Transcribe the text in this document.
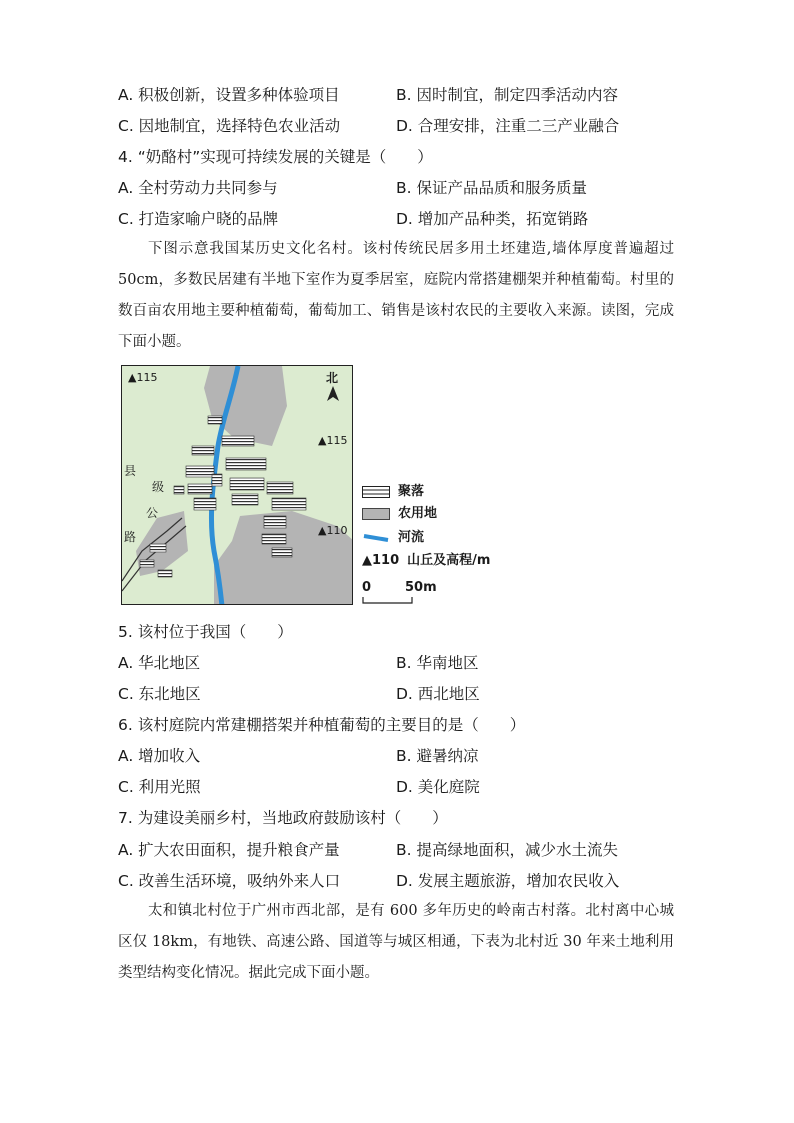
A. 积极创新，设置多种体验项目	B. 因时制宜，制定四季活动内容
C. 因地制宜，选择特色农业活动	D. 合理安排，注重二三产业融合
4. “奶酪村”实现可持续发展的关键是（　　）
A. 全村劳动力共同参与	B. 保证产品品质和服务质量
C. 打造家喻户晓的品牌	D. 增加产品种类，拓宽销路

下图示意我国某历史文化名村。该村传统民居多用土坯建造,墙体厚度普遍超过50cm，多数民居建有半地下室作为夏季居室，庭院内常搭建棚架并种植葡萄。村里的数百亩农用地主要种植葡萄，葡萄加工、销售是该村农民的主要收入来源。读图，完成下面小题。

▲115
▲115
▲110
北
县
级
公
路
聚落
农用地
河流
▲110 山丘及高程/m
0	50m
5. 该村位于我国（　　）
A. 华北地区	B. 华南地区
C. 东北地区	D. 西北地区
6. 该村庭院内常建棚搭架并种植葡萄的主要目的是（　　）
A. 增加收入	B. 避暑纳凉
C. 利用光照	D. 美化庭院
7. 为建设美丽乡村，当地政府鼓励该村（　　）
A. 扩大农田面积，提升粮食产量	B. 提高绿地面积，减少水土流失
C. 改善生活环境，吸纳外来人口	D. 发展主题旅游，增加农民收入

太和镇北村位于广州市西北部，是有 600 多年历史的岭南古村落。北村离中心城区仅 18km，有地铁、高速公路、国道等与城区相通，下表为北村近 30 年来土地利用类型结构变化情况。据此完成下面小题。
